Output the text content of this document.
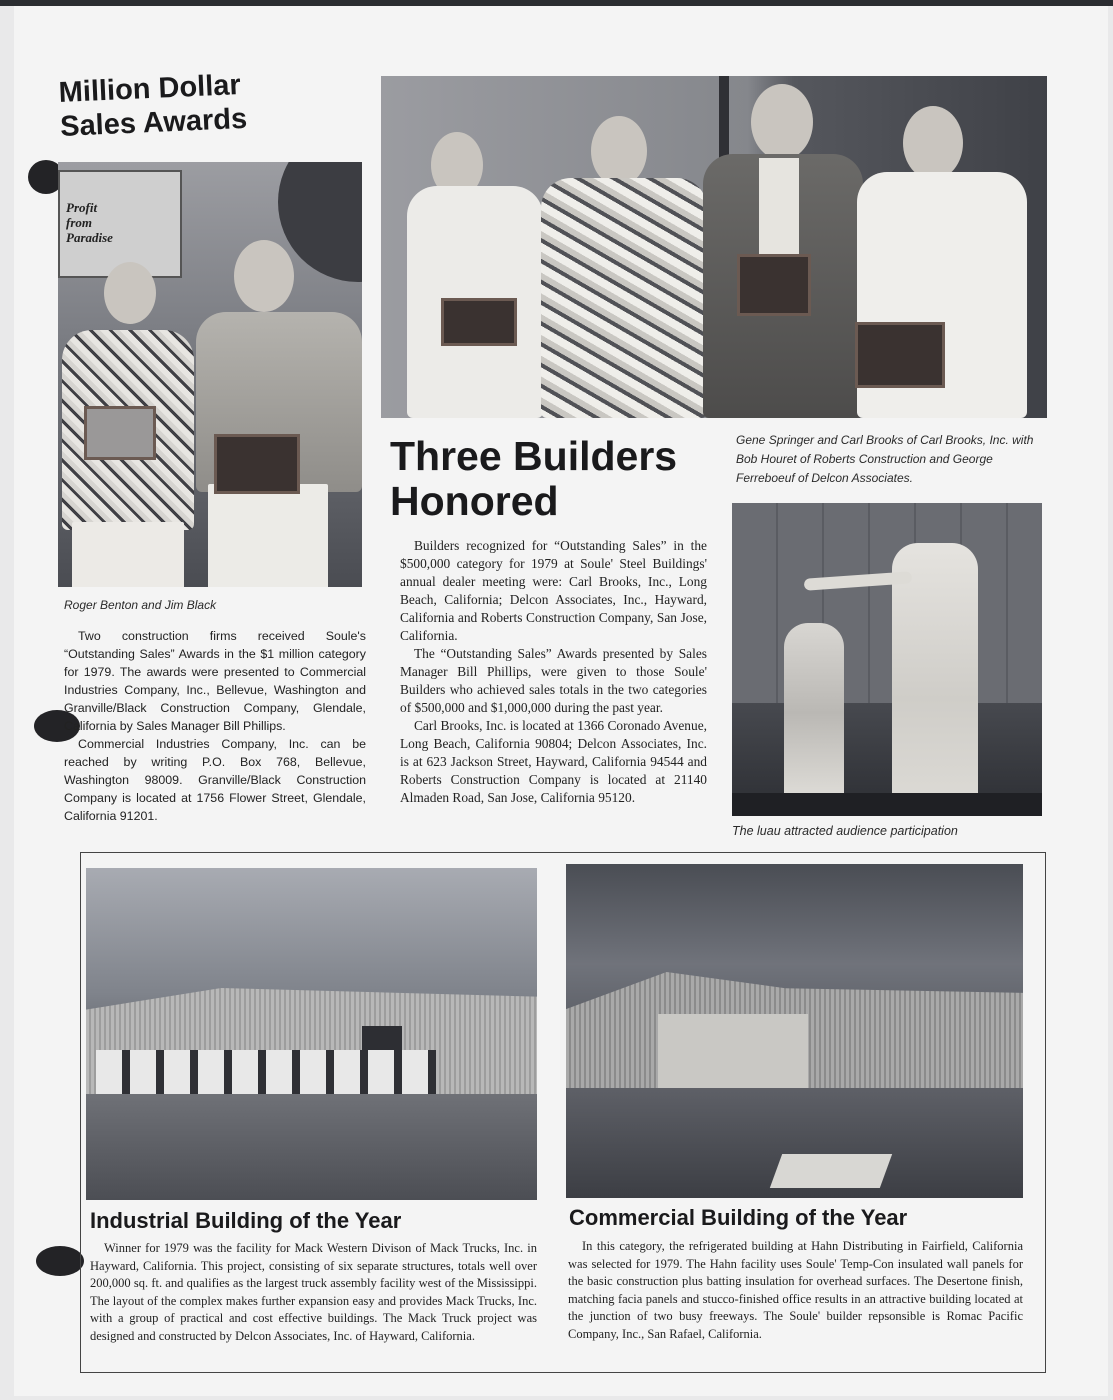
Million Dollar
Sales Awards
Profit from Paradise
Roger Benton and Jim Black

Two construction firms received Soule's “Outstanding Sales” Awards in the $1 million category for 1979. The awards were presented to Commercial Industries Company, Inc., Bellevue, Washington and Granville/Black Construction Company, Glendale, California by Sales Manager Bill Phillips.

Commercial Industries Company, Inc. can be reached by writing P.O. Box 768, Bellevue, Washington 98009. Granville/Black Construction Company is located at 1756 Flower Street, Glendale, California 91201.

Three Builders
Honored

Builders recognized for “Outstanding Sales” in the $500,000 category for 1979 at Soule' Steel Buildings' annual dealer meeting were: Carl Brooks, Inc., Long Beach, California; Delcon Associates, Inc., Hayward, California and Roberts Construction Company, San Jose, California.

The “Outstanding Sales” Awards presented by Sales Manager Bill Phillips, were given to those Soule' Builders who achieved sales totals in the two categories of $500,000 and $1,000,000 during the past year.

Carl Brooks, Inc. is located at 1366 Coronado Avenue, Long Beach, California 90804; Delcon Associates, Inc. is at 623 Jackson Street, Hayward, California 94544 and Roberts Construction Company is located at 21140 Almaden Road, San Jose, California 95120.

Gene Springer and Carl Brooks of Carl Brooks, Inc. with Bob Houret of Roberts Construction and George Ferreboeuf of Delcon Associates.
The luau attracted audience participation
Industrial Building of the Year
Winner for 1979 was the facility for Mack Western Divison of Mack Trucks, Inc. in Hayward, California. This project, consisting of six separate structures, totals well over 200,000 sq. ft. and qualifies as the largest truck assembly facility west of the Mississippi. The layout of the complex makes further expansion easy and provides Mack Trucks, Inc. with a group of practical and cost effective buildings. The Mack Truck project was designed and constructed by Delcon Associates, Inc. of Hayward, California.
Commercial Building of the Year
In this category, the refrigerated building at Hahn Distributing in Fairfield, California was selected for 1979. The Hahn facility uses Soule' Temp-Con insulated wall panels for the basic construction plus batting insulation for overhead surfaces. The Desertone finish, matching facia panels and stucco-finished office results in an attractive building located at the junction of two busy freeways. The Soule' builder repsonsible is Romac Pacific Company, Inc., San Rafael, California.
